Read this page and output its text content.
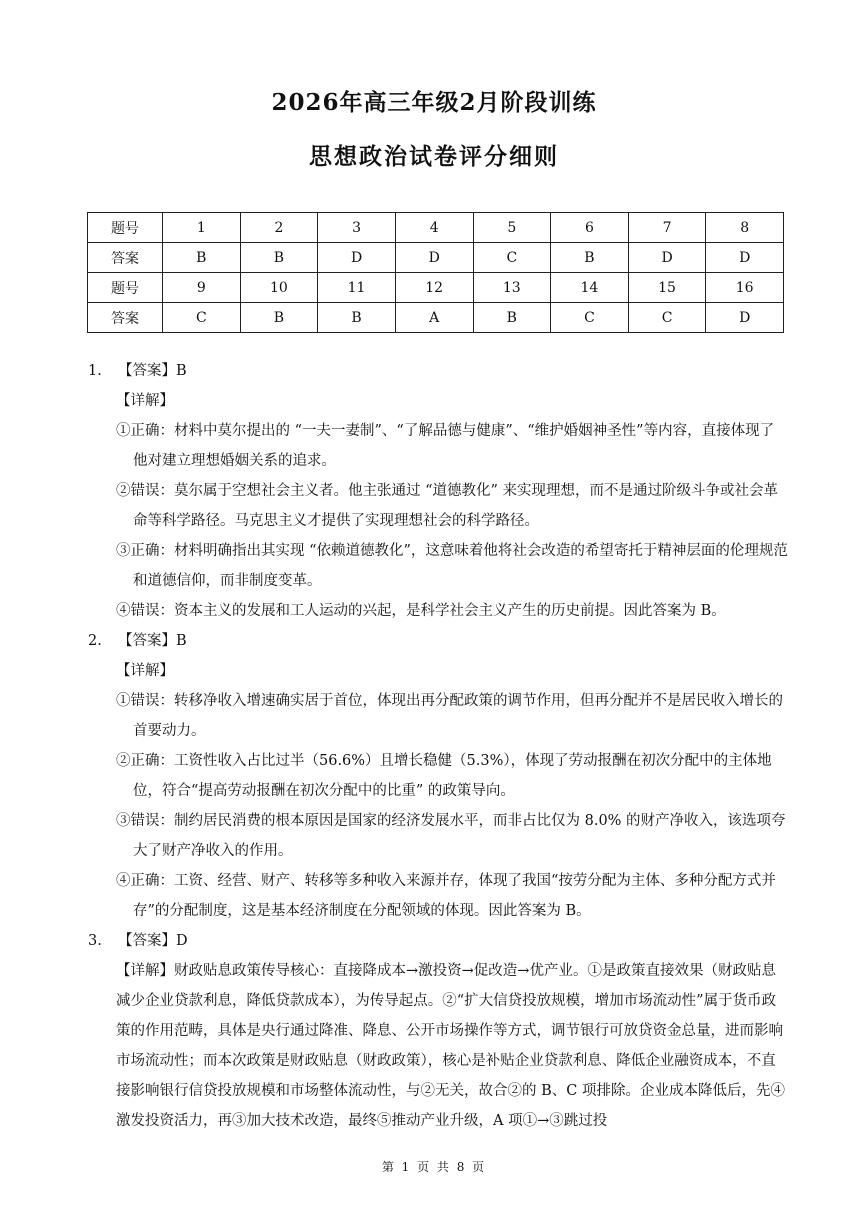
2026年高三年级2月阶段训练
思想政治试卷评分细则
题号	1	2	3	4	5	6	7	8
答案	B	B	D	D	C	B	D	D
题号	9	10	11	12	13	14	15	16
答案	C	B	B	A	B	C	C	D
1. 【答案】B
【详解】
①正确：材料中莫尔提出的 “一夫一妻制”、“了解品德与健康”、“维护婚姻神圣性”等内容，直接体现了他对建立理想婚姻关系的追求。
②错误：莫尔属于空想社会主义者。他主张通过 “道德教化” 来实现理想，而不是通过阶级斗争或社会革命等科学路径。马克思主义才提供了实现理想社会的科学路径。
③正确：材料明确指出其实现 “依赖道德教化”，这意味着他将社会改造的希望寄托于精神层面的伦理规范和道德信仰，而非制度变革。
④错误：资本主义的发展和工人运动的兴起，是科学社会主义产生的历史前提。因此答案为 B。
2. 【答案】B
【详解】
①错误：转移净收入增速确实居于首位，体现出再分配政策的调节作用，但再分配并不是居民收入增长的首要动力。
②正确：工资性收入占比过半（56.6%）且增长稳健（5.3%），体现了劳动报酬在初次分配中的主体地位，符合“提高劳动报酬在初次分配中的比重” 的政策导向。
③错误：制约居民消费的根本原因是国家的经济发展水平，而非占比仅为 8.0% 的财产净收入，该选项夸大了财产净收入的作用。
④正确：工资、经营、财产、转移等多种收入来源并存，体现了我国“按劳分配为主体、多种分配方式并存”的分配制度，这是基本经济制度在分配领域的体现。因此答案为 B。
3. 【答案】D
【详解】财政贴息政策传导核心：直接降成本→激投资→促改造→优产业。①是政策直接效果（财政贴息减少企业贷款利息，降低贷款成本），为传导起点。②“扩大信贷投放规模，增加市场流动性”属于货币政策的作用范畴，具体是央行通过降准、降息、公开市场操作等方式，调节银行可放贷资金总量，进而影响市场流动性；而本次政策是财政贴息（财政政策），核心是补贴企业贷款利息、降低企业融资成本，不直接影响银行信贷投放规模和市场整体流动性，与②无关，故合②的 B、C 项排除。企业成本降低后，先④激发投资活力，再③加大技术改造，最终⑤推动产业升级，A 项①→③跳过投
第 1 页 共 8 页
